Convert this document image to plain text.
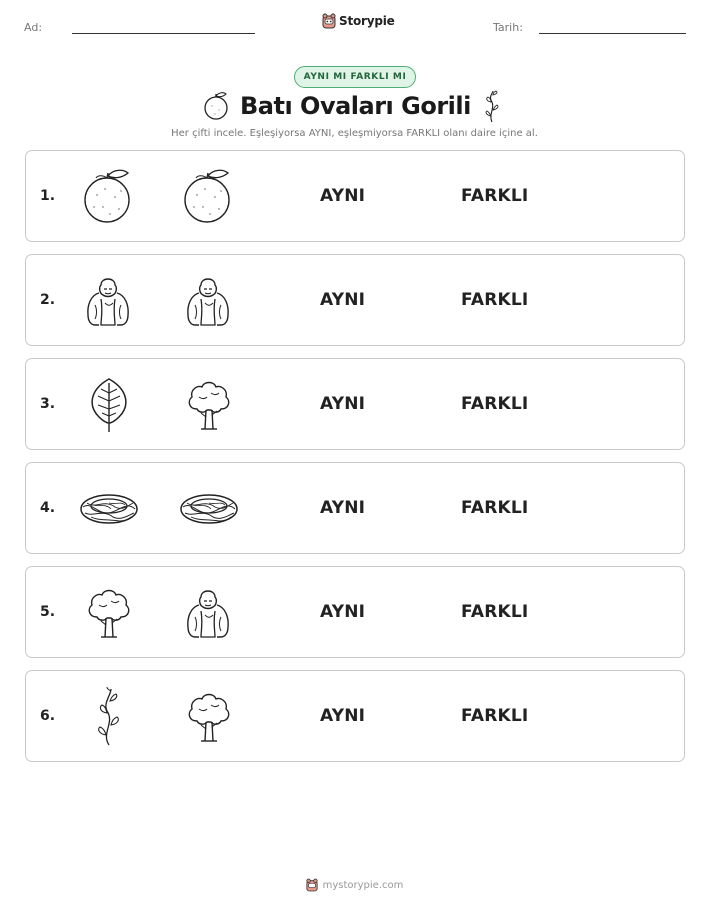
Ad:	Storypie	Tarih:
AYNI MI FARKLI MI
Batı Ovaları Gorili
Her çifti incele. Eşleşiyorsa AYNI, eşleşmiyorsa FARKLI olanı daire içine al.
1.	AYNI	FARKLI
2.	AYNI	FARKLI
3.	AYNI	FARKLI
4.	AYNI	FARKLI
5.	AYNI	FARKLI
6.	AYNI	FARKLI
mystorypie.com
